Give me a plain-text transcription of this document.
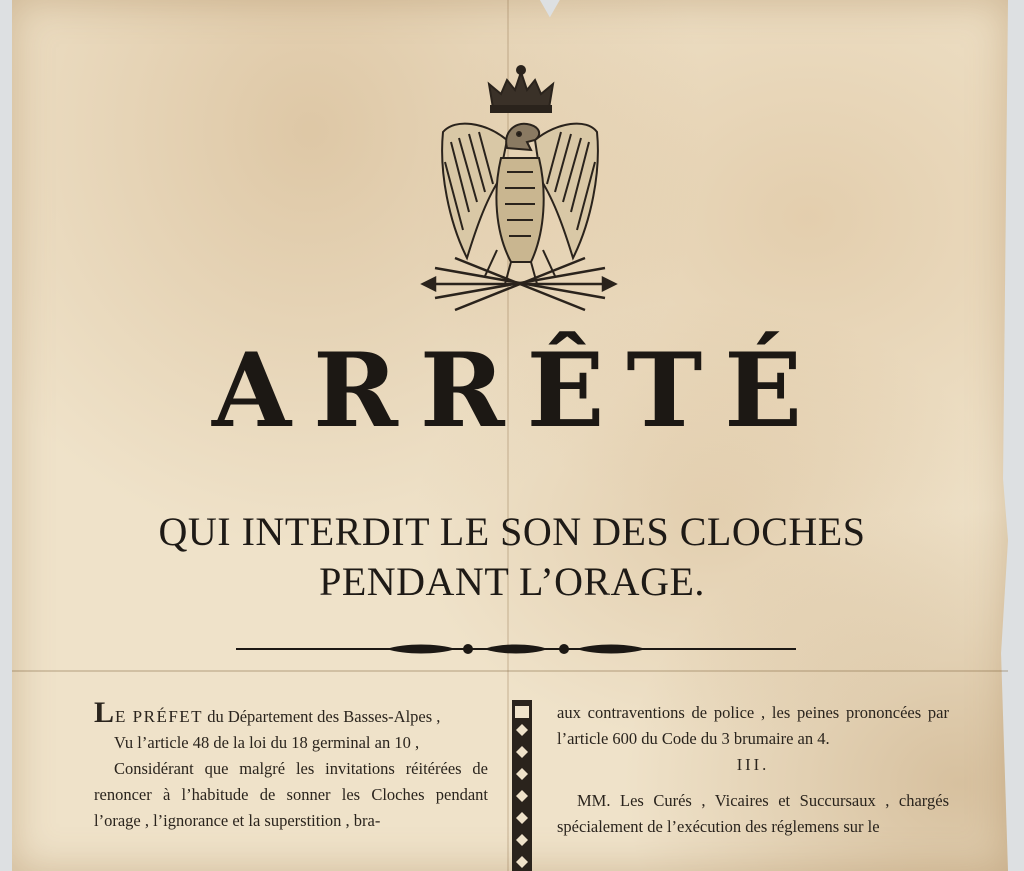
ARRÊTÉ
QUI INTERDIT LE SON DES CLOCHES
PENDANT L’ORAGE.

LE PRÉFET du Département des Basses-Alpes ,

Vu l’article 48 de la loi du 18 germinal an 10 ,

Considérant que malgré les invitations réitérées de renoncer à l’habitude de sonner les Cloches pendant l’orage , l’ignorance et la superstition , bra-

aux contraventions de police , les peines prononcées par l’article 600 du Code du 3 brumaire an 4.

III.

MM. Les Curés , Vicaires et Succursaux , chargés spécialement de l’exécution des réglemens sur le
